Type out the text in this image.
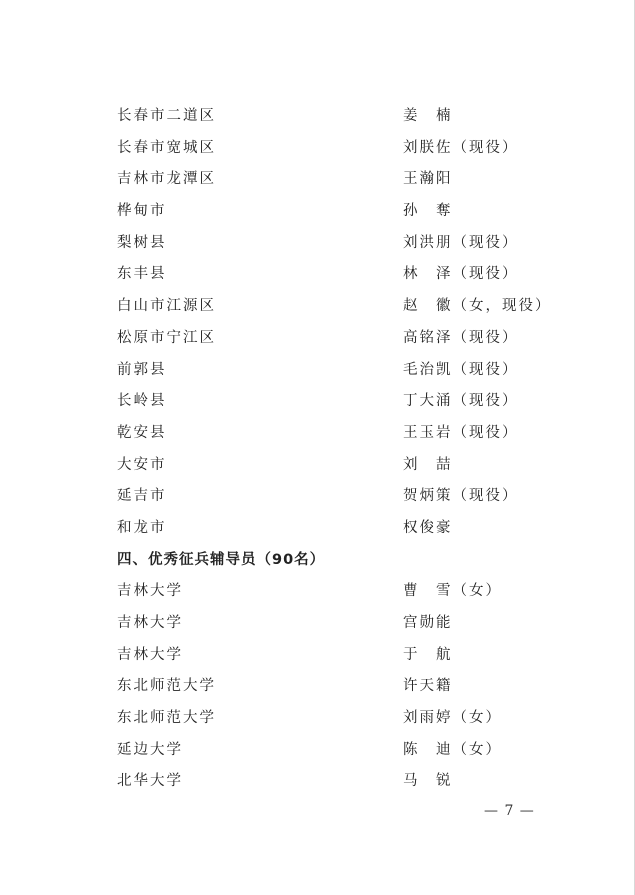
长春市二道区	姜　楠
长春市宽城区	刘朕佐（现役）
吉林市龙潭区	王瀚阳
桦甸市	孙　奪
梨树县	刘洪朋（现役）
东丰县	林　泽（现役）
白山市江源区	赵　徽（女，现役）
松原市宁江区	高铭泽（现役）
前郭县	毛治凯（现役）
长岭县	丁大涌（现役）
乾安县	王玉岩（现役）
大安市	刘　喆
延吉市	贺炳策（现役）
和龙市	权俊豪
四、优秀征兵辅导员（90名）
吉林大学	曹　雪（女）
吉林大学	宫勋能
吉林大学	于　航
东北师范大学	许天籍
东北师范大学	刘雨婷（女）
延边大学	陈　迪（女）
北华大学	马　锐
— 7 —
